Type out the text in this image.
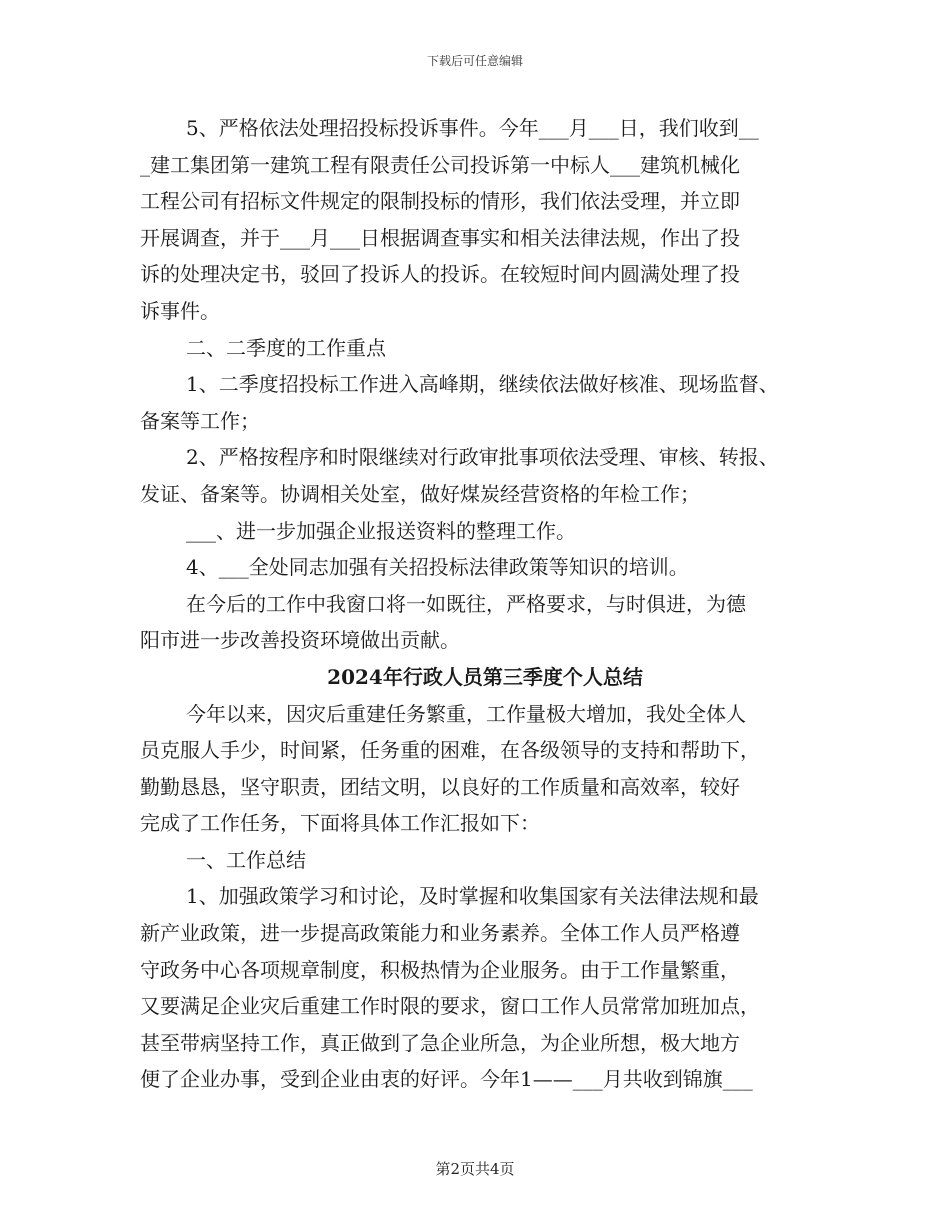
下载后可任意编辑
5、严格依法处理招投标投诉事件。今年___月___日，我们收到__
_建工集团第一建筑工程有限责任公司投诉第一中标人___建筑机械化
工程公司有招标文件规定的限制投标的情形，我们依法受理，并立即
开展调查，并于___月___日根据调查事实和相关法律法规，作出了投
诉的处理决定书，驳回了投诉人的投诉。在较短时间内圆满处理了投
诉事件。
二、二季度的工作重点
1、二季度招投标工作进入高峰期，继续依法做好核准、现场监督、
备案等工作；
2、严格按程序和时限继续对行政审批事项依法受理、审核、转报、
发证、备案等。协调相关处室，做好煤炭经营资格的年检工作；
___、进一步加强企业报送资料的整理工作。
4、___全处同志加强有关招投标法律政策等知识的培训。
在今后的工作中我窗口将一如既往，严格要求，与时俱进，为德
阳市进一步改善投资环境做出贡献。
2024年行政人员第三季度个人总结
今年以来，因灾后重建任务繁重，工作量极大增加，我处全体人
员克服人手少，时间紧，任务重的困难，在各级领导的支持和帮助下，
勤勤恳恳，坚守职责，团结文明，以良好的工作质量和高效率，较好
完成了工作任务，下面将具体工作汇报如下：
一、工作总结
1、加强政策学习和讨论，及时掌握和收集国家有关法律法规和最
新产业政策，进一步提高政策能力和业务素养。全体工作人员严格遵
守政务中心各项规章制度，积极热情为企业服务。由于工作量繁重，
又要满足企业灾后重建工作时限的要求，窗口工作人员常常加班加点，
甚至带病坚持工作，真正做到了急企业所急，为企业所想，极大地方
便了企业办事，受到企业由衷的好评。今年1——___月共收到锦旗___
第2页共4页
